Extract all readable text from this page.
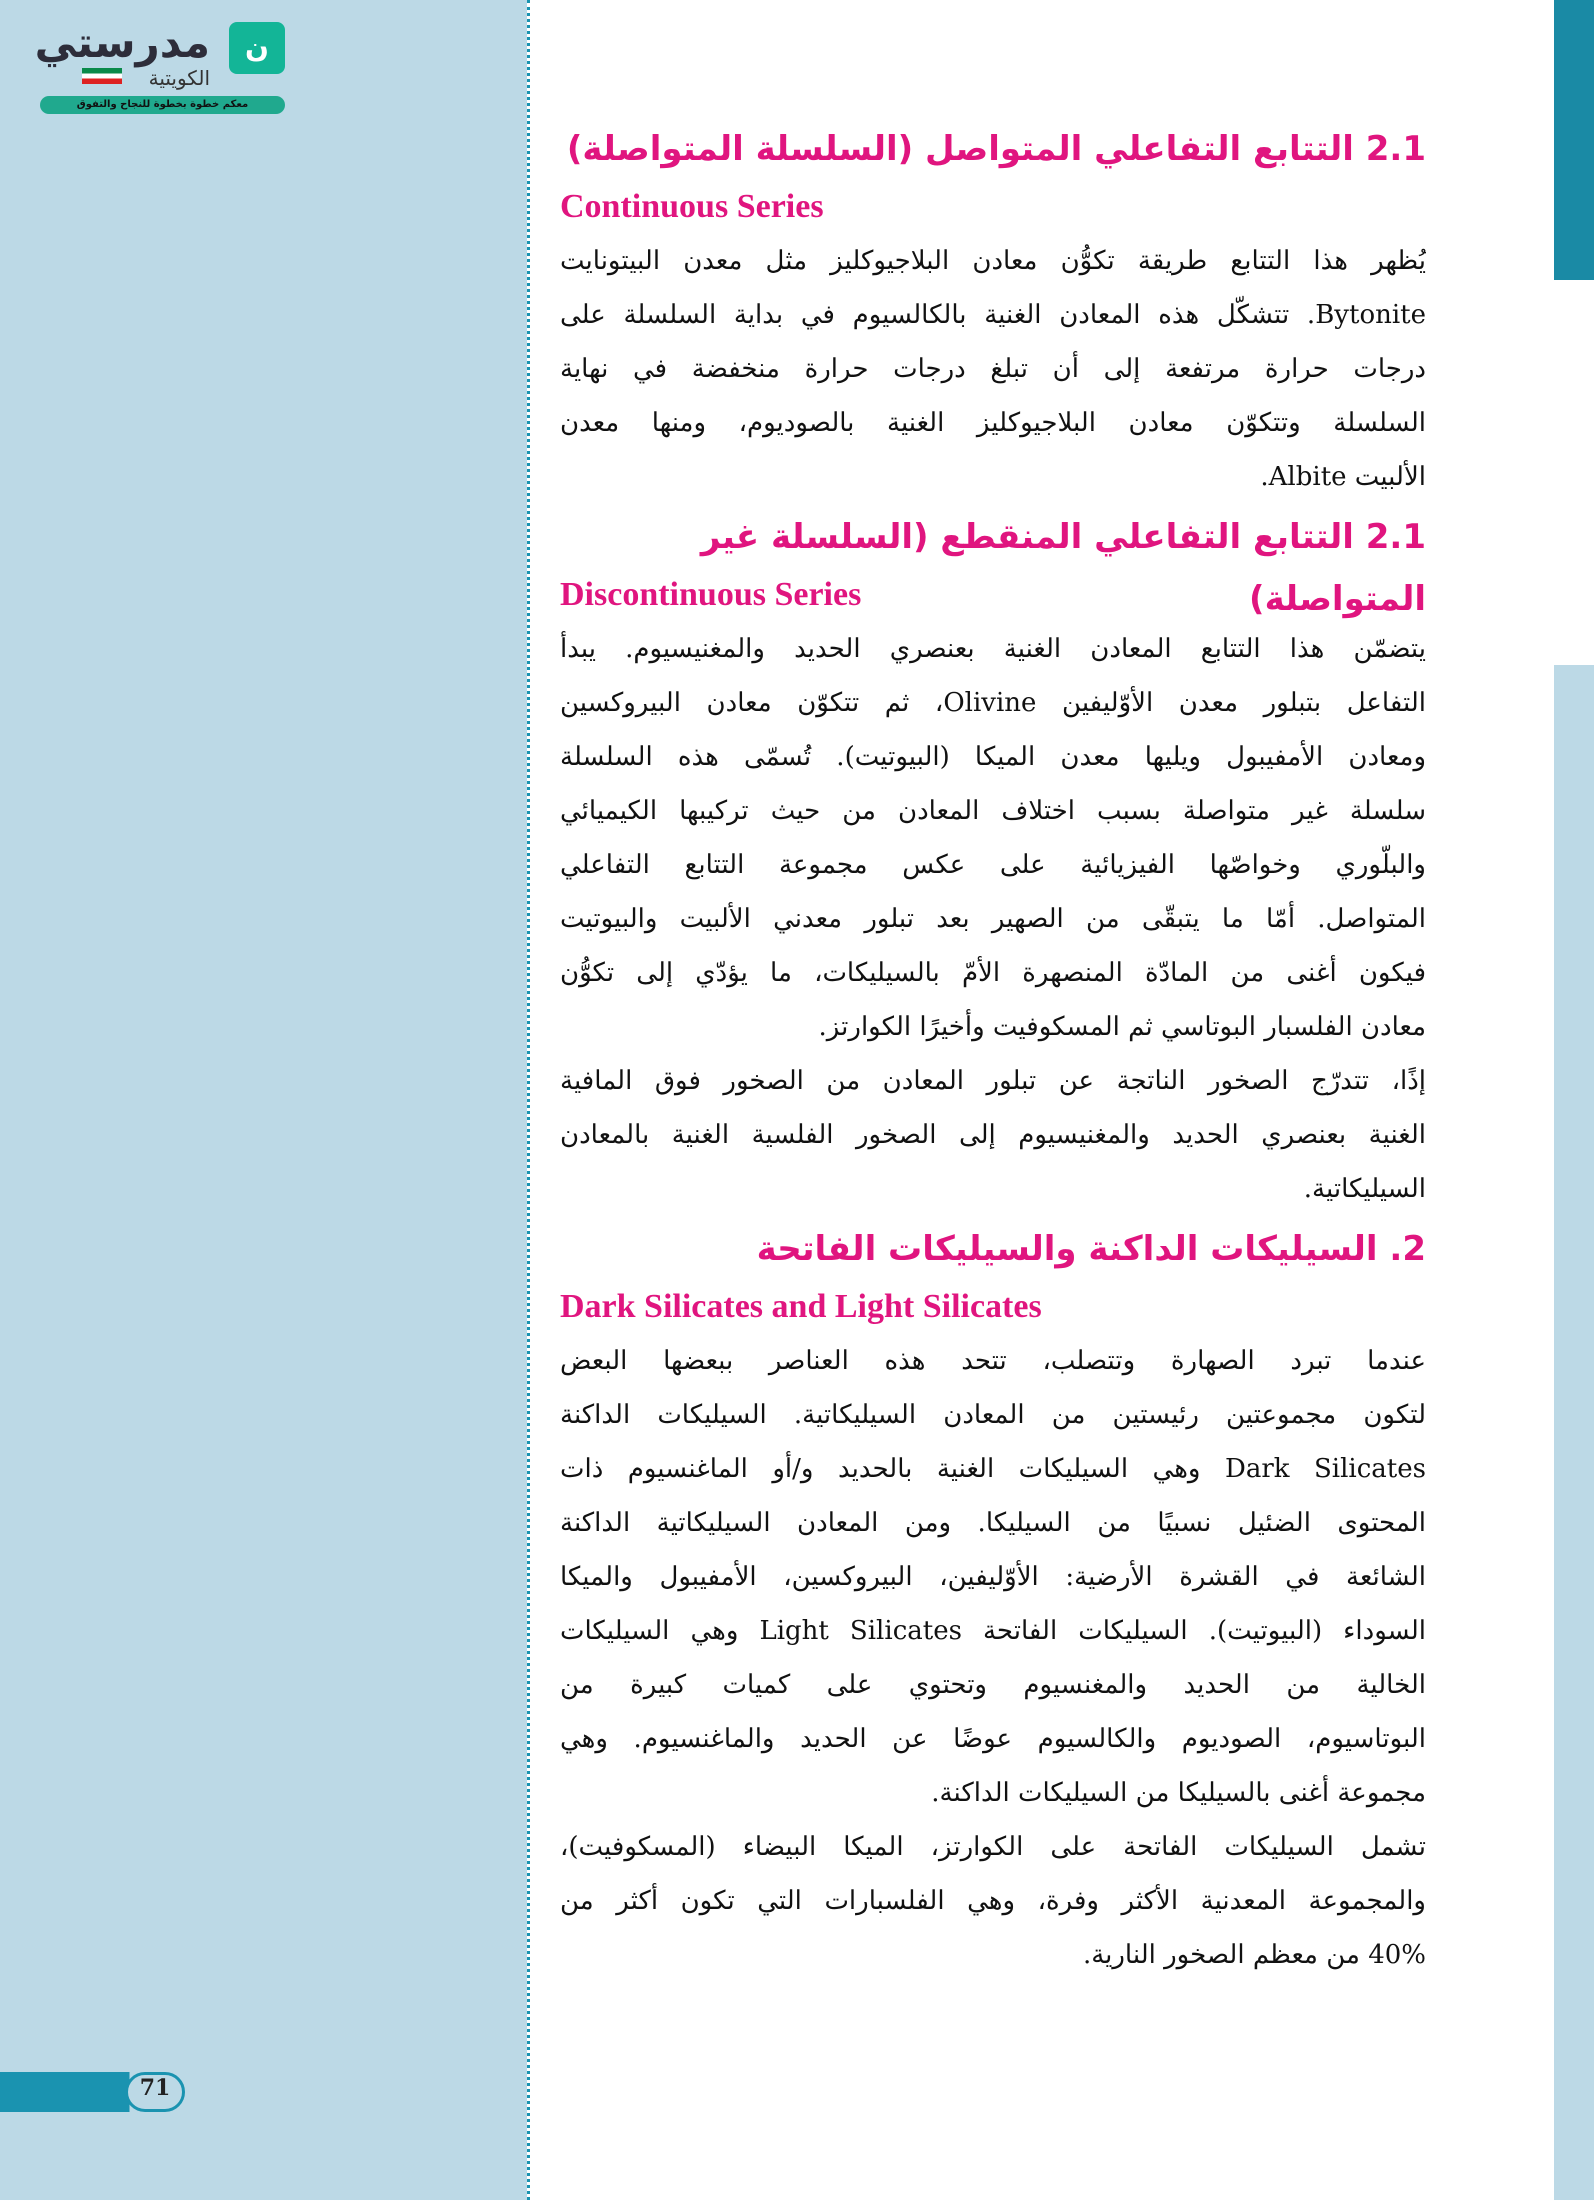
ن
مدرستي
الكويتية
معكم خطوة بخطوة للنجاح والتفوق
71
2.1 التتابع التفاعلي المتواصل (السلسلة المتواصلة)
Continuous Series
يُظهر هذا التتابع طريقة تكوُّن معادن البلاجيوكليز مثل معدن البيتونايت
Bytonite. تتشكّل هذه المعادن الغنية بالكالسيوم في بداية السلسلة على
درجات حرارة مرتفعة إلى أن تبلغ درجات حرارة منخفضة في نهاية
السلسلة وتتكوّن معادن البلاجيوكليز الغنية بالصوديوم، ومنها معدن
الألبيت Albite.
2.1 التتابع التفاعلي المنقطع (السلسلة غير المتواصلة)
Discontinuous Series
يتضمّن هذا التتابع المعادن الغنية بعنصري الحديد والمغنيسيوم. يبدأ
التفاعل بتبلور معدن الأوّليفين Olivine، ثم تتكوّن معادن البيروكسين
ومعادن الأمفيبول ويليها معدن الميكا (البيوتيت). تُسمّى هذه السلسلة
سلسلة غير متواصلة بسبب اختلاف المعادن من حيث تركيبها الكيميائي
والبلّوري وخواصّها الفيزيائية على عكس مجموعة التتابع التفاعلي
المتواصل. أمّا ما يتبقّى من الصهير بعد تبلور معدني الألبيت والبيوتيت
فيكون أغنى من المادّة المنصهرة الأمّ بالسيليكات، ما يؤدّي إلى تكوُّن
معادن الفلسبار البوتاسي ثم المسكوفيت وأخيرًا الكوارتز.
إذًا، تتدرّج الصخور الناتجة عن تبلور المعادن من الصخور فوق المافية
الغنية بعنصري الحديد والمغنيسيوم إلى الصخور الفلسية الغنية بالمعادن
السيليكاتية.
2. السيليكات الداكنة والسيليكات الفاتحة
Dark Silicates and Light Silicates
عندما تبرد الصهارة وتتصلب، تتحد هذه العناصر ببعضها البعض
لتكون مجموعتين رئيستين من المعادن السيليكاتية. السيليكات الداكنة
Dark Silicates وهي السيليكات الغنية بالحديد و/أو الماغنسيوم ذات
المحتوى الضئيل نسبيًا من السيليكا. ومن المعادن السيليكاتية الداكنة
الشائعة في القشرة الأرضية: الأوّليفين، البيروكسين، الأمفيبول والميكا
السوداء (البيوتيت). السيليكات الفاتحة Light Silicates وهي السيليكات
الخالية من الحديد والمغنسيوم وتحتوي على كميات كبيرة من
البوتاسيوم، الصوديوم والكالسيوم عوضًا عن الحديد والماغنسيوم. وهي
مجموعة أغنى بالسيليكا من السيليكات الداكنة.
تشمل السيليكات الفاتحة على الكوارتز، الميكا البيضاء (المسكوفيت)،
والمجموعة المعدنية الأكثر وفرة، وهي الفلسبارات التي تكون أكثر من
40% من معظم الصخور النارية.
